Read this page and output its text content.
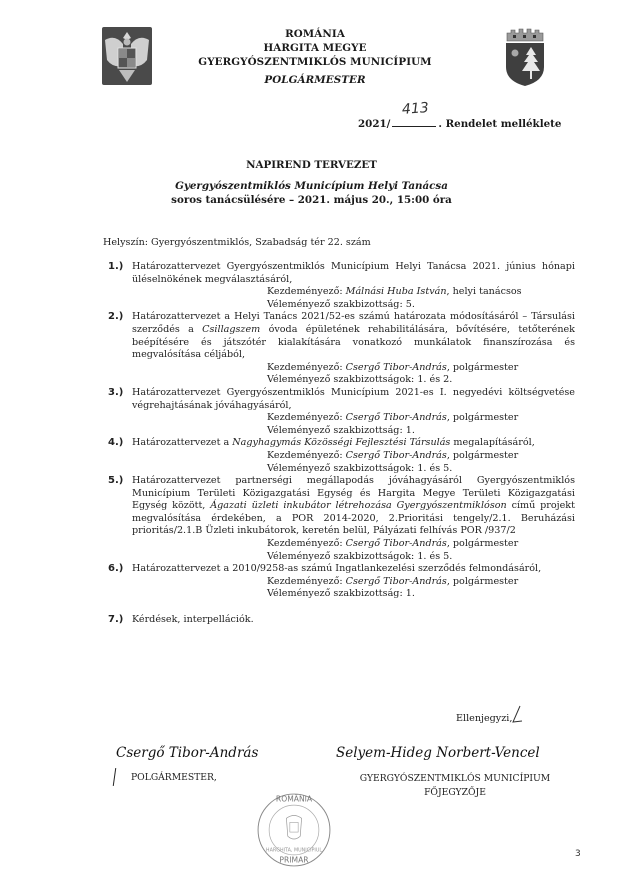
ROMÁNIA
HARGITA MEGYE
GYERGYÓSZENTMIKLÓS MUNICÍPIUM
POLGÁRMESTER
2021/
413
. Rendelet melléklete
NAPIREND TERVEZET
Gyergyószentmiklós Municípium Helyi Tanácsa
soros tanácsülésére – 2021. május 20., 15:00 óra
Helyszín: Gyergyószentmiklós, Szabadság tér 22. szám
1.) Határozattervezet Gyergyószentmiklós Municípium Helyi Tanácsa 2021. június hónapi üléselnökének megválasztásáról,
Kezdeményező: Málnási Huba István, helyi tanácsos
Véleményező szakbizottság: 5.
2.) Határozattervezet a Helyi Tanács 2021/52-es számú határozata módosításáról – Társulási szerződés a Csillagszem óvoda épületének rehabilitálására, bővítésére, tetőterének beépítésére és játszótér kialakítására vonatkozó munkálatok finanszírozása és megvalósítása céljából,
Kezdeményező: Csergő Tibor-András, polgármester
Véleményező szakbizottságok: 1. és 2.
3.) Határozattervezet Gyergyószentmiklós Municípium 2021-es I. negyedévi költségvetése végrehajtásának jóváhagyásáról,
Kezdeményező: Csergő Tibor-András, polgármester
Véleményező szakbizottság: 1.
4.) Határozattervezet a Nagyhagymás Közösségi Fejlesztési Társulás megalapításáról,
Kezdeményező: Csergő Tibor-András, polgármester
Véleményező szakbizottságok: 1. és 5.
5.) Határozattervezet partnerségi megállapodás jóváhagyásáról Gyergyószentmiklós Municípium Területi Közigazgatási Egység és Hargita Megye Területi Közigazgatási Egység között, Ágazati üzleti inkubátor létrehozása Gyergyószentmiklóson című projekt megvalósítása érdekében, a POR 2014-2020, 2.Prioritási tengely/2.1. Beruházási prioritás/2.1.B Üzleti inkubátorok, keretén belül, Pályázati felhívás POR /937/2
Kezdeményező: Csergő Tibor-András, polgármester
Véleményező szakbizottságok: 1. és 5.
6.) Határozattervezet a 2010/9258-as számú Ingatlankezelési szerződés felmondásáról,
Kezdeményező: Csergő Tibor-András, polgármester
Véleményező szakbizottság: 1.
7.) Kérdések, interpellációk.
Ellenjegyzi,
Csergő Tibor-András	Selyem-Hideg Norbert-Vencel
POLGÁRMESTER,	GYERGYÓSZENTMIKLÓS MUNICÍPIUM
FŐJEGYZŐJE
ROMÂNIA
HARGHITA, MUNICIPIUL
PRIMAR
3
